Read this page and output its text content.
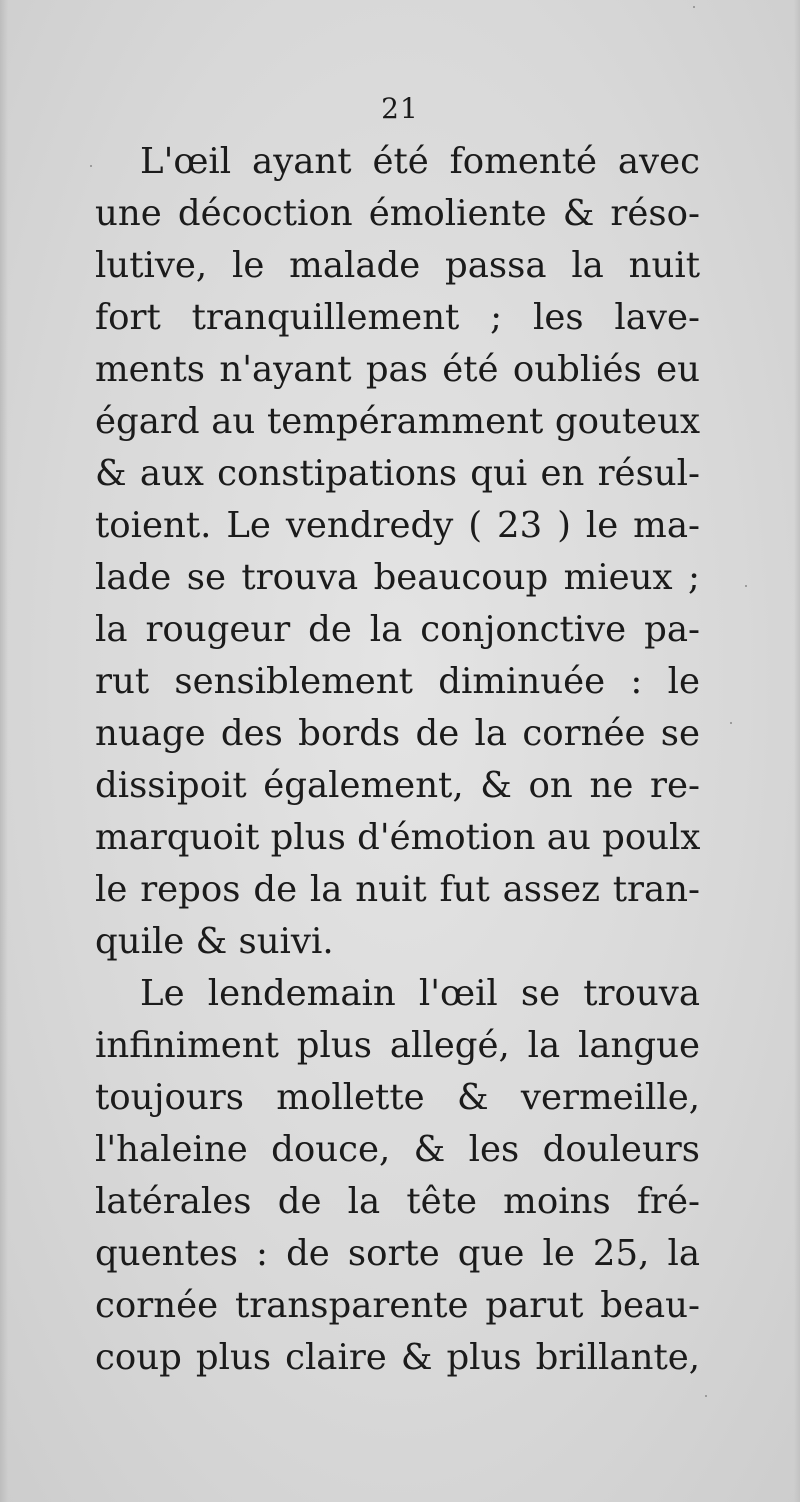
21
L'œil ayant été fomenté avec
une décoction émoliente & réso-
lutive, le malade passa la nuit
fort tranquillement ; les lave-
ments n'ayant pas été oubliés eu
égard au tempéramment gouteux
& aux constipations qui en résul-
toient. Le vendredy ( 23 ) le ma-
lade se trouva beaucoup mieux ;
la rougeur de la conjonctive pa-
rut sensiblement diminuée : le
nuage des bords de la cornée se
dissipoit également, & on ne re-
marquoit plus d'émotion au poulx
le repos de la nuit fut assez tran-
quile & suivi.
Le lendemain l'œil se trouva
infiniment plus allegé, la langue
toujours mollette & vermeille,
l'haleine douce, & les douleurs
latérales de la tête moins fré-
quentes : de sorte que le 25, la
cornée transparente parut beau-
coup plus claire & plus brillante,
